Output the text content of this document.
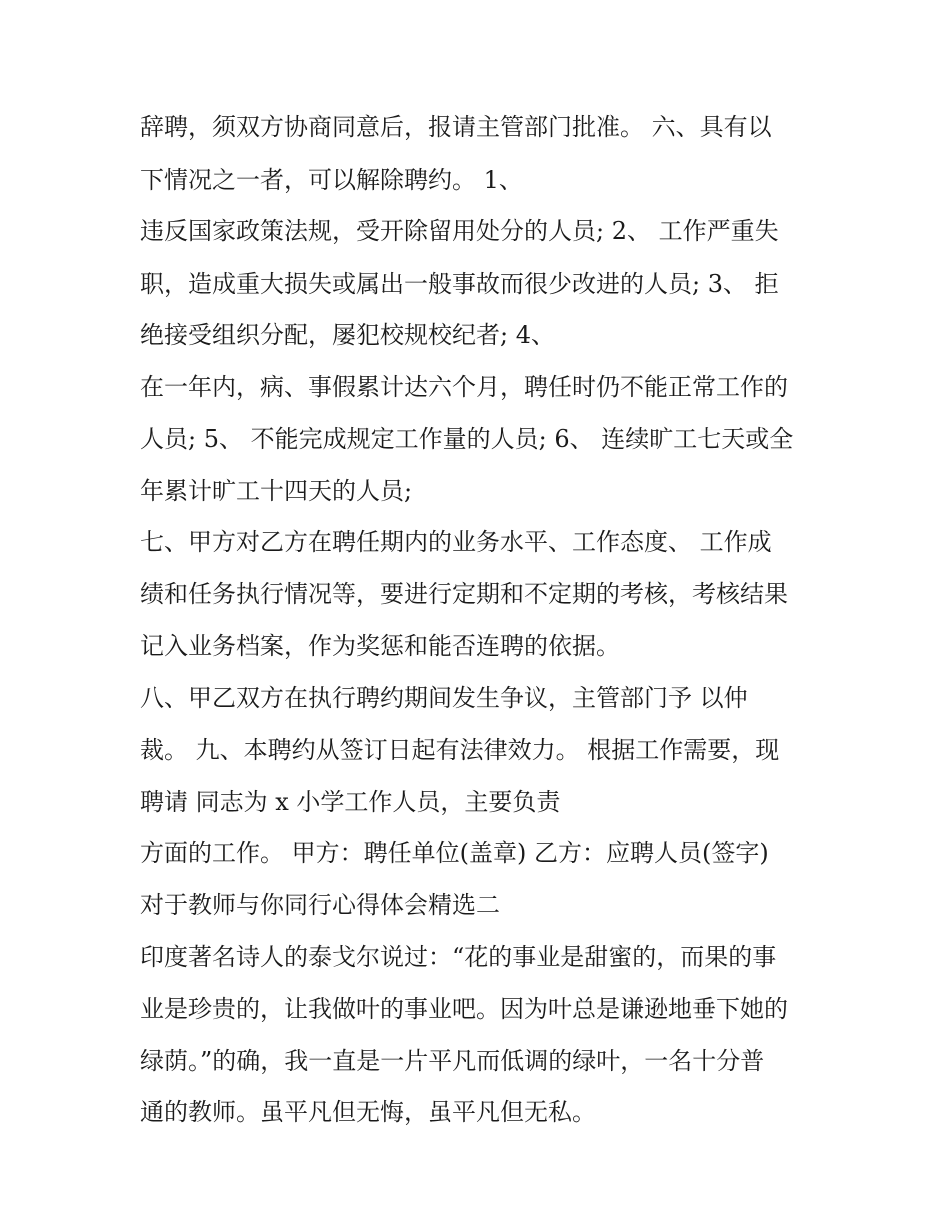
辞聘，须双方协商同意后，报请主管部门批准。 六、具有以
下情况之一者，可以解除聘约。 1、
违反国家政策法规，受开除留用处分的人员; 2、 工作严重失
职，造成重大损失或属出一般事故而很少改进的人员; 3、 拒
绝接受组织分配，屡犯校规校纪者; 4、
在一年内，病、事假累计达六个月，聘任时仍不能正常工作的
人员; 5、 不能完成规定工作量的人员; 6、 连续旷工七天或全
年累计旷工十四天的人员;
七、甲方对乙方在聘任期内的业务水平、工作态度、 工作成
绩和任务执行情况等，要进行定期和不定期的考核，考核结果
记入业务档案，作为奖惩和能否连聘的依据。
八、甲乙双方在执行聘约期间发生争议，主管部门予 以仲
裁。 九、本聘约从签订日起有法律效力。 根据工作需要，现
聘请 同志为 x 小学工作人员，主要负责
方面的工作。 甲方：聘任单位(盖章) 乙方：应聘人员(签字)
对于教师与你同行心得体会精选二
印度著名诗人的泰戈尔说过：“花的事业是甜蜜的，而果的事
业是珍贵的，让我做叶的事业吧。因为叶总是谦逊地垂下她的
绿荫。”的确，我一直是一片平凡而低调的绿叶，一名十分普
通的教师。虽平凡但无悔，虽平凡但无私。
